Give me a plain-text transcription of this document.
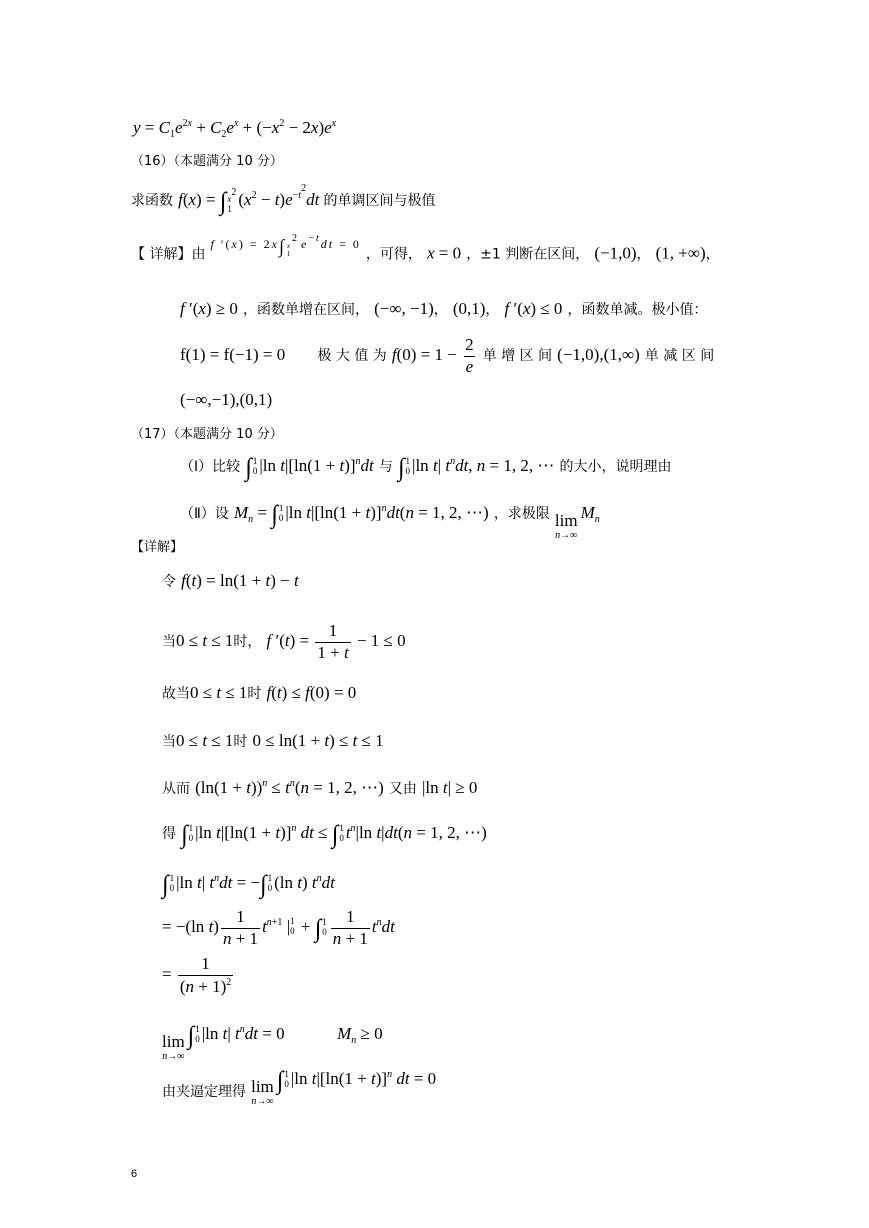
$y = C_1e^{2x} + C_2e^x + (-x^2 - 2x)e^x$
（16）（本题满分 10 分）
求函数 f(x) = ∫ $x^2$
1
$(x^2 - t)e^{-t^2}dt$ 的单调区间与极值
【 详解】由 $^{f '(x) = 2x\int x^2 1 e^{-t}dt = 0}$ ，可得， x = 0 ，±1 判断在区间， (−1,0)， (1, +∞)，
f ′(x) ≥ 0 ，函数单增在区间， (−∞, −1)， (0,1)， f ′(x) ≤ 0 ，函数单减。极小值：
f(1) = f(−1) = 0 极 大 值 为 $f(0) = 1 - \frac{2}{e}$ 单 增 区 间 (−1,0),(1,∞) 单 减 区 间
(−∞,−1),(0,1)
（17）（本题满分 10 分）
（Ⅰ）比较 ∫ 1
0 |ln $t|[\ln(1 + t)]^ndt$ 与 ∫ 1
0 |ln t| $t^ndt$, n = 1, 2, ⋯ 的大小，说明理由
（Ⅱ）设 $M_n$ = ∫ 1
0 |ln $t|[\ln(1 + t)]^ndt(n = 1$, 2, ⋯) ，求极限 lim
n→∞
$M_n$
【详解】
令 f(t) = ln(1 + t) − t
当0 ≤ t ≤ 1时， f $'(t) = \frac{1}{1 + t} - 1 \le 0$
故当0 ≤ t ≤ 1时 f(t) ≤ f(0) = 0
当0 ≤ t ≤ 1时 0 ≤ ln(1 + t) ≤ t ≤ 1
从而 $(\ln(1 + t))^n \le t^n(n = 1$, 2, ⋯) 又由 |ln t| ≥ 0
得 ∫ 1
0 |ln $t|[\ln(1 + t)]^n$ dt ≤ ∫ 1
0 $t^n|\ln$ t|dt(n = 1, 2, ⋯)
∫ 1
0 |ln t| $t^ndt$ = −∫ 1
0 (ln t) $t^ndt$
= −(ln $t) \frac{1}{n + 1} t^{n+1}$ | 1
0 + ∫ 1
$0 \frac{1}{n + 1} t^ndt$
= $\frac{1}{(n + 1)^2}$
lim
n→∞
∫ 1
0 |ln t| $t^ndt = 0$	$M_n \ge 0$
由夹逼定理得 lim
n→∞
∫ 1
0 |ln $t|[\ln(1 + t)]^n$ dt = 0
6
